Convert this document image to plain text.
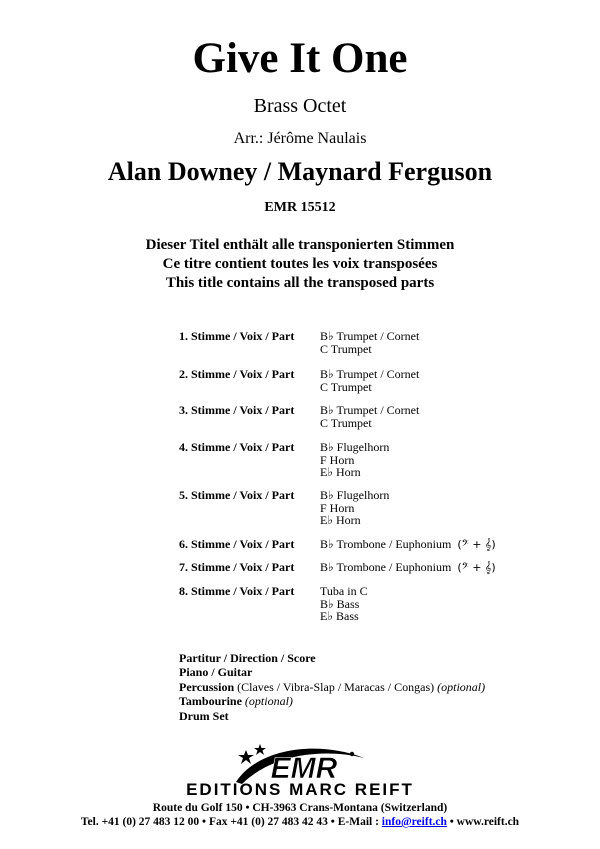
Give It One
Brass Octet
Arr.: Jérôme Naulais
Alan Downey / Maynard Ferguson
EMR 15512
Dieser Titel enthält alle transponierten Stimmen
Ce titre contient toutes les voix transposées
This title contains all the transposed parts
1. Stimme / Voix / Part B♭ Trumpet / Cornet
C Trumpet
2. Stimme / Voix / Part B♭ Trumpet / Cornet
C Trumpet
3. Stimme / Voix / Part B♭ Trumpet / Cornet
C Trumpet
4. Stimme / Voix / Part B♭ Flugelhorn
F Horn
E♭ Horn
5. Stimme / Voix / Part B♭ Flugelhorn
F Horn
E♭ Horn
6. Stimme / Voix / Part B♭ Trombone / Euphonium (𝄢 + 𝄞)
7. Stimme / Voix / Part B♭ Trombone / Euphonium (𝄢 + 𝄞)
8. Stimme / Voix / Part Tuba in C
B♭ Bass
E♭ Bass
Partitur / Direction / Score
Piano / Guitar
Percussion (Claves / Vibra-Slap / Maracas / Congas) (optional)
Tambourine (optional)
Drum Set
EMR
EDITIONS MARC REIFT
Route du Golf 150 • CH-3963 Crans-Montana (Switzerland)
Tel. +41 (0) 27 483 12 00 • Fax +41 (0) 27 483 42 43 • E-Mail : info@reift.ch • www.reift.ch
